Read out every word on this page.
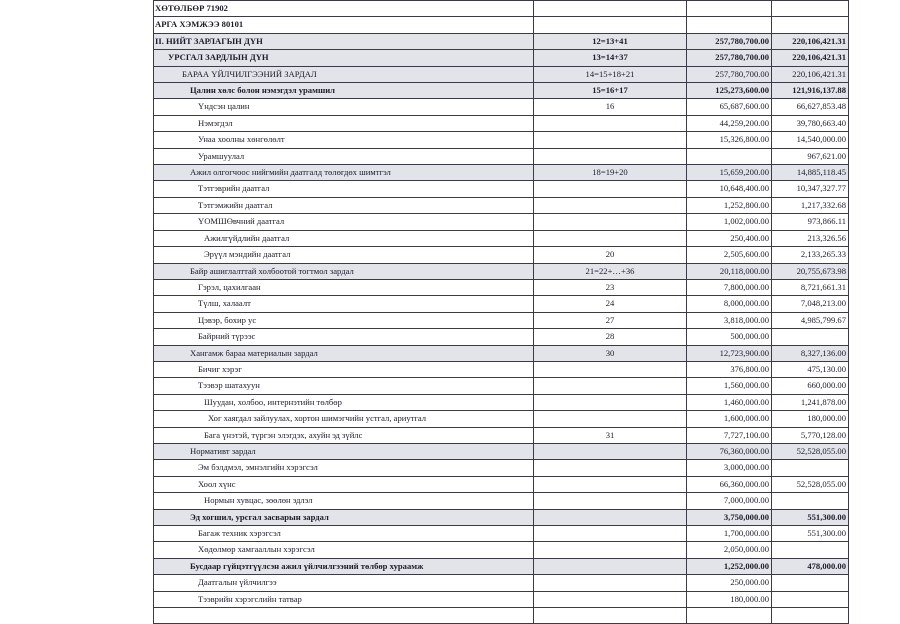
ХӨТӨЛБӨР 71902			
АРГА ХЭМЖЭЭ 80101			
II. НИЙТ ЗАРЛАГЫН ДҮН	12=13+41	257,780,700.00	220,106,421.31
УРСГАЛ ЗАРДЛЫН ДҮН	13=14+37	257,780,700.00	220,106,421.31
БАРАА ҮЙЛЧИЛГЭЭНИЙ ЗАРДАЛ	14=15+18+21	257,780,700.00	220,106,421.31
Цалин хөлс болон нэмэгдэл урамшил	15=16+17	125,273,600.00	121,916,137.88
Үндсэн цалин	16	65,687,600.00	66,627,853.48
Нэмэгдэл		44,259,200.00	39,780,663.40
Унаа хоолны хөнгөлөлт		15,326,800.00	14,540,000.00
Урамшуулал			967,621.00
Ажил олгогчоос нийгмийн даатгалд төлөгдөх шимтгэл	18=19+20	15,659,200.00	14,885,118.45
Тэтгэврийн даатгал		10,648,400.00	10,347,327.77
Тэтгэмжийн даатгал		1,252,800.00	1,217,332.68
ҮОМШӨвчний даатгал		1,002,000.00	973,866.11
Ажилгүйдлийн даатгал		250,400.00	213,326.56
Эрүүл мэндийн даатгал	20	2,505,600.00	2,133,265.33
Байр ашиглалттай холбоотой тогтмол зардал	21=22+…+36	20,118,000.00	20,755,673.98
Гэрэл, цахилгаан	23	7,800,000.00	8,721,661.31
Түлш, халаалт	24	8,000,000.00	7,048,213.00
Цэвэр, бохир ус	27	3,818,000.00	4,985,799.67
Байрний түрээс	28	500,000.00	
Хангамж бараа материалын зардал	30	12,723,900.00	8,327,136.00
Бичиг хэрэг		376,800.00	475,130.00
Тээвэр шатахуун		1,560,000.00	660,000.00
Шуудан, холбоо, интернэтийн төлбөр		1,460,000.00	1,241,878.00
Хог хаягдал зайлуулах, хортон шимэгчийн устгал, ариутгал		1,600,000.00	180,000.00
Бага үнэтэй, түргэн элэгдэх, ахуйн эд зүйлс	31	7,727,100.00	5,770,128.00
Нормативт зардал		76,360,000.00	52,528,055.00
Эм бэлдмэл, эмнэлгийн хэрэгсэл		3,000,000.00	
Хоол хүнс		66,360,000.00	52,528,055.00
Нормын хувцас, зөөлөн эдлэл		7,000,000.00	
Эд хогшил, урсгал засварын зардал		3,750,000.00	551,300.00
Багаж техник хэрэгсэл		1,700,000.00	551,300.00
Хөдөлмөр хамгааллын хэрэгсэл		2,050,000.00	
Бусдаар гүйцэтгүүлсэн ажил үйлчилгээний төлбөр хураамж		1,252,000.00	478,000.00
Даатгалын үйлчилгээ		250,000.00	
Тээврийн хэрэгслийн татвар		180,000.00	
